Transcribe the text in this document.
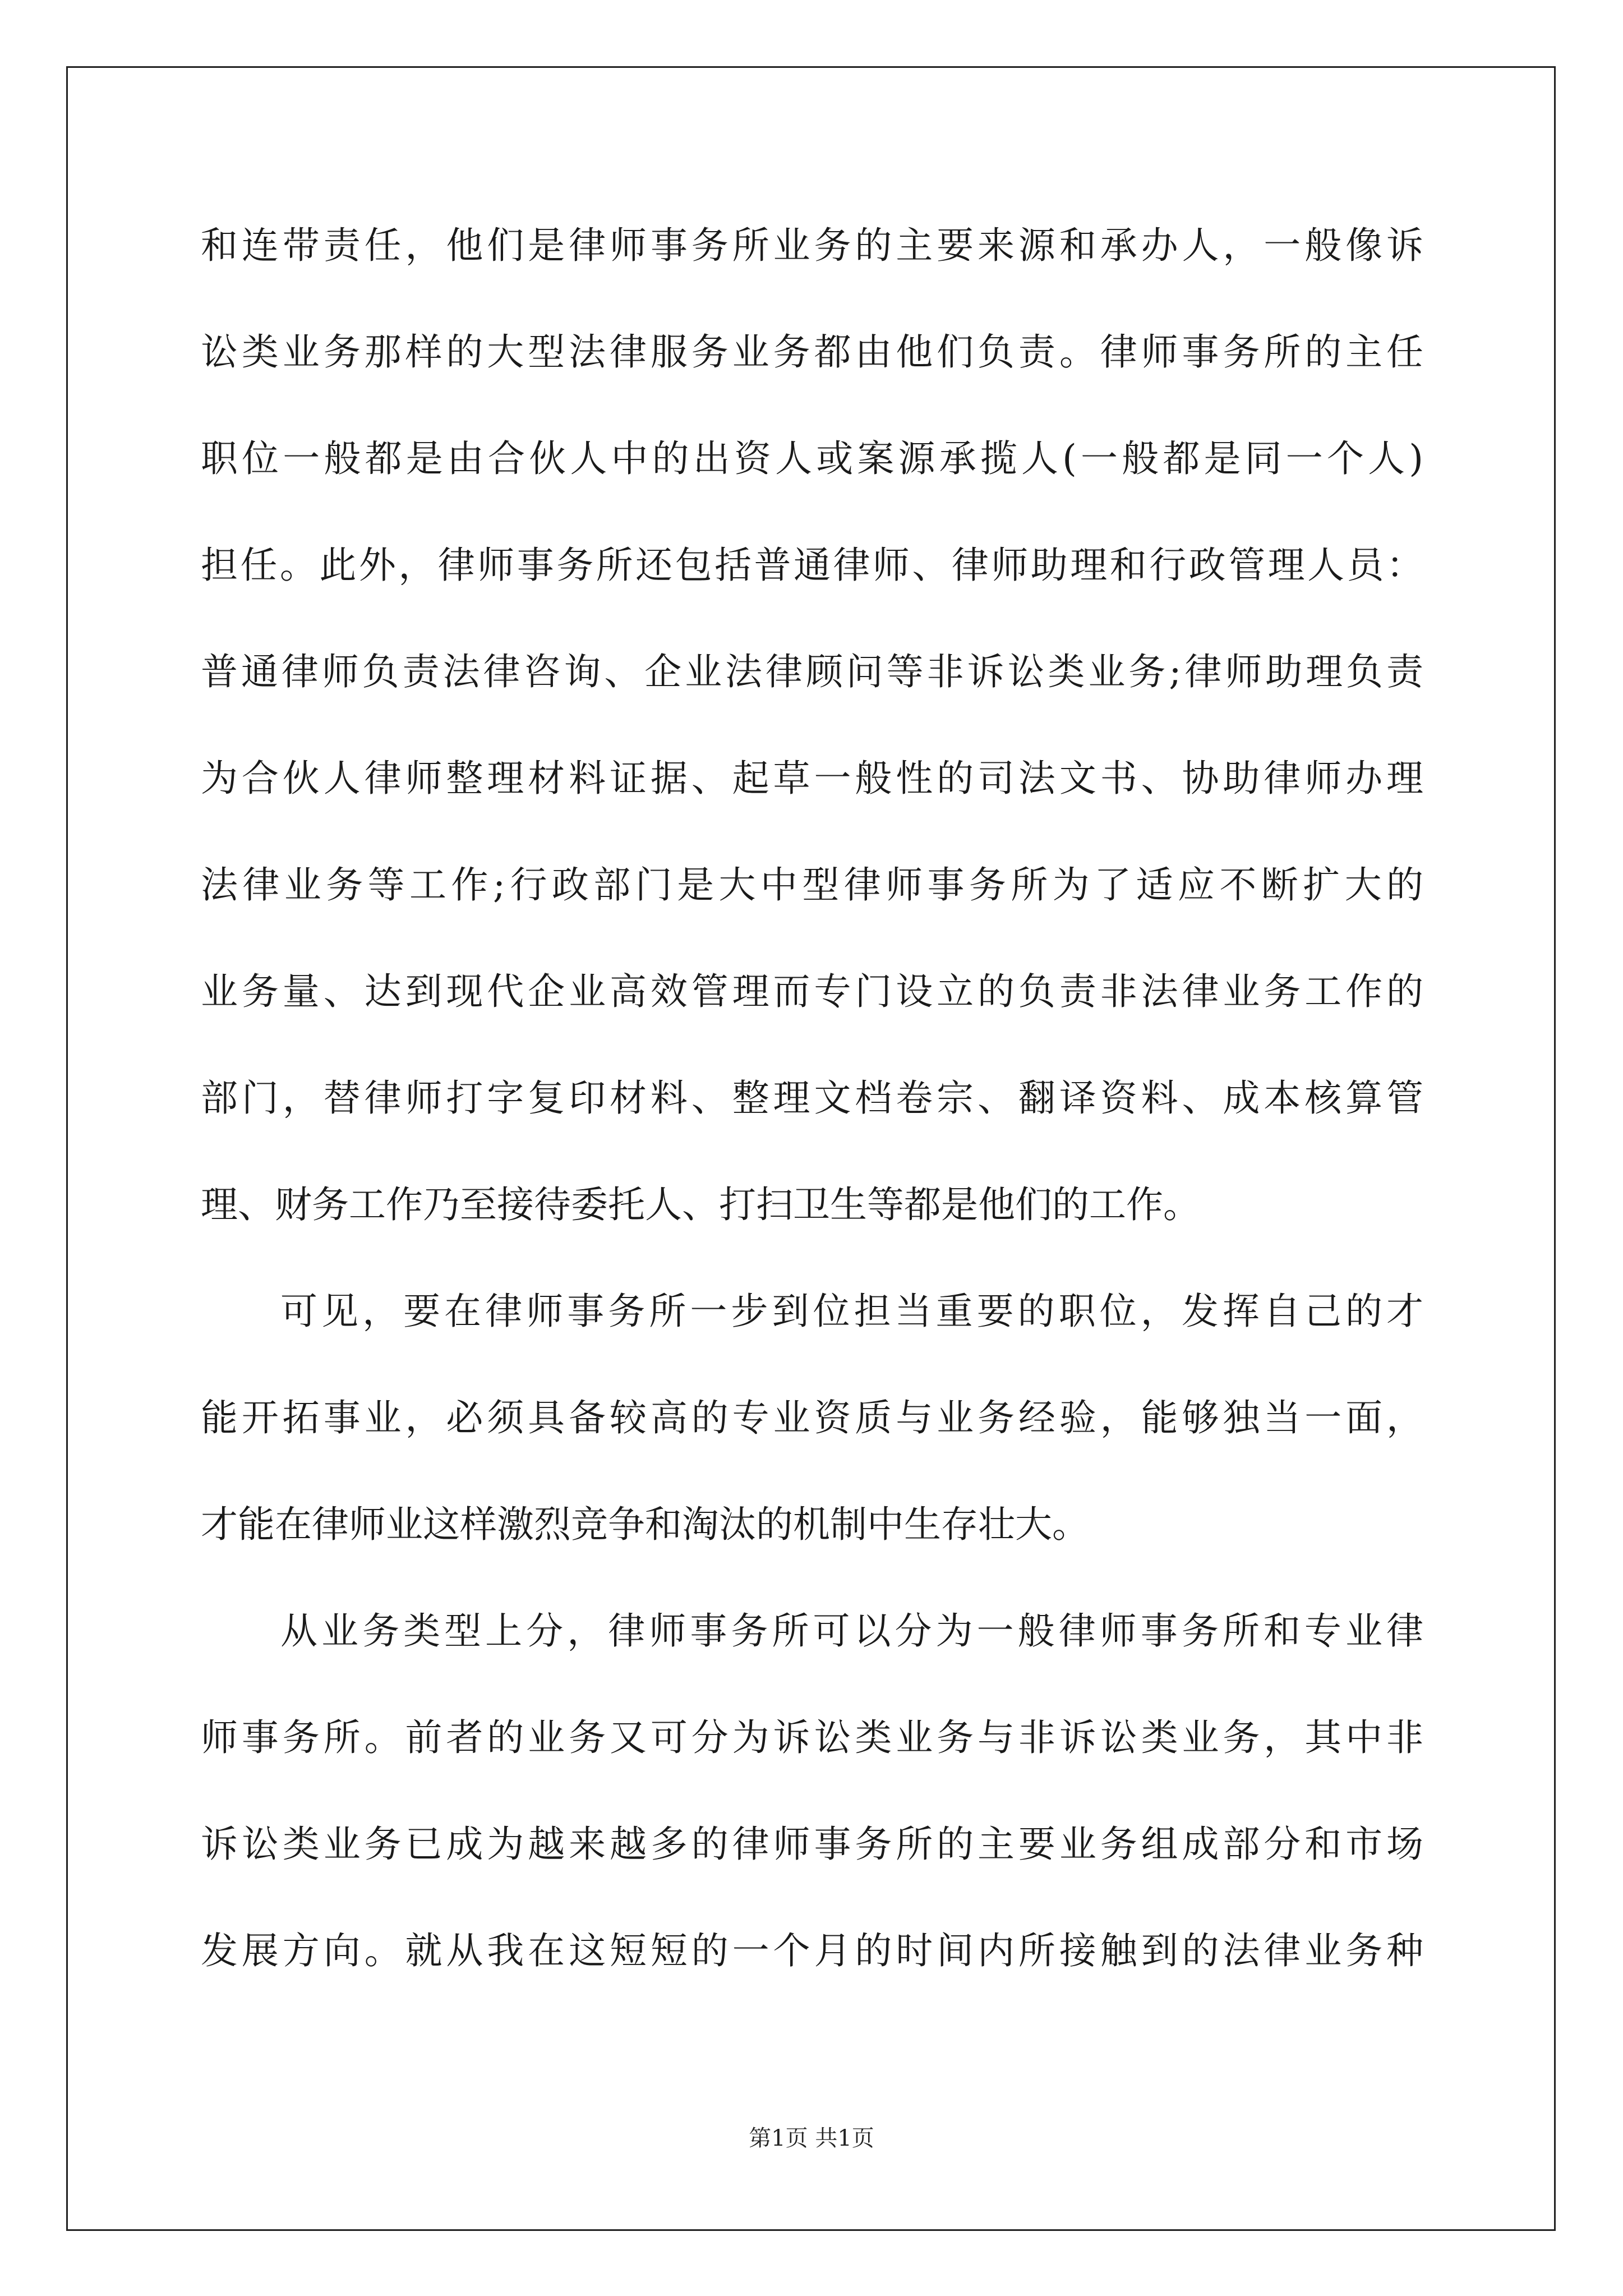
和连带责任，他们是律师事务所业务的主要来源和承办人，一般像诉
讼类业务那样的大型法律服务业务都由他们负责。律师事务所的主任
职位一般都是由合伙人中的出资人或案源承揽人(一般都是同一个人)
担任。此外，律师事务所还包括普通律师、律师助理和行政管理人员：
普通律师负责法律咨询、企业法律顾问等非诉讼类业务;律师助理负责
为合伙人律师整理材料证据、起草一般性的司法文书、协助律师办理
法律业务等工作;行政部门是大中型律师事务所为了适应不断扩大的
业务量、达到现代企业高效管理而专门设立的负责非法律业务工作的
部门，替律师打字复印材料、整理文档卷宗、翻译资料、成本核算管
理、财务工作乃至接待委托人、打扫卫生等都是他们的工作。
可见，要在律师事务所一步到位担当重要的职位，发挥自己的才
能开拓事业，必须具备较高的专业资质与业务经验，能够独当一面，
才能在律师业这样激烈竞争和淘汰的机制中生存壮大。
从业务类型上分，律师事务所可以分为一般律师事务所和专业律
师事务所。前者的业务又可分为诉讼类业务与非诉讼类业务，其中非
诉讼类业务已成为越来越多的律师事务所的主要业务组成部分和市场
发展方向。就从我在这短短的一个月的时间内所接触到的法律业务种
第1页 共1页
